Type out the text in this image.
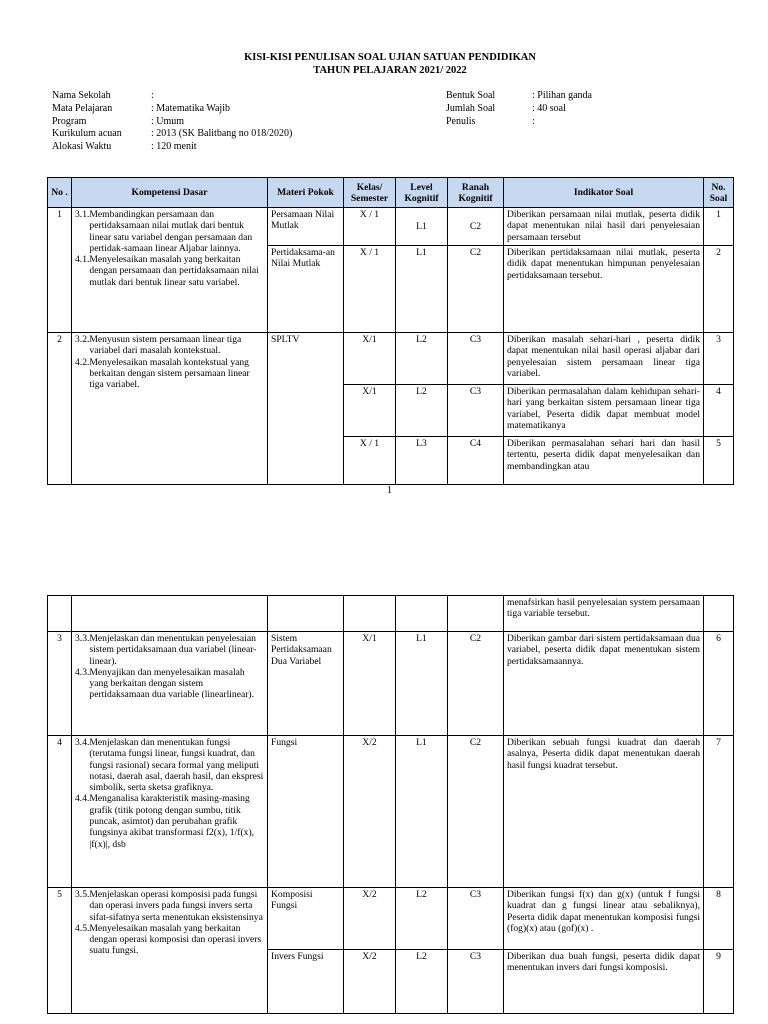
KISI-KISI PENULISAN SOAL UJIAN SATUAN PENDIDIKAN
TAHUN PELAJARAN 2021/ 2022
Nama Sekolah	:
Mata Pelajaran	: Matematika Wajib
Program	: Umum
Kurikulum acuan	: 2013 (SK Balitbang no 018/2020)
Alokasi Waktu	: 120 menit
Bentuk Soal	: Pilihan ganda
Jumlah Soal	: 40 soal
Penulis	:
No .	Kompetensi Dasar	Materi Pokok	Kelas/ Semester	Level Kognitif	Ranah Kognitif	Indikator Soal	No. Soal
1	3.1. Membandingkan persamaan dan pertidaksamaan nilai mutlak dari bentuk linear satu variabel dengan persamaan dan pertidak-samaan linear Aljabar lainnya.
4.1. Menyelesaikan masalah yang berkaitan dengan persamaan dan pertidaksamaan nilai mutlak dari bentuk linear satu variabel.	Persamaan Nilai Mutlak	X / 1	L1	C2	Diberikan persamaan nilai mutlak, peserta didik dapat menentukan nilai hasil dari penyelesaian persamaan tersebut	1
		Pertidaksama-an Nilai Mutlak	X / 1	L1	C2	Diberikan pertidaksamaan nilai mutlak, peserta didik dapat menentukan himpunan penyelesaian pertidaksamaan tersebut.	2
2	3.2. Menyusun sistem persamaan linear tiga variabel dari masalah kontekstual.
4.2. Menyelesaikan masalah kontekstual yang berkaitan dengan sistem persamaan linear tiga variabel.	SPLTV	X/1	L2	C3	Diberikan masalah sehari-hari , peserta didik dapat menentukan nilai hasil operasi aljabar dari penyelesaian sistem persamaan linear tiga variabel.	3
			X/1	L2	C3	Diberikan permasalahan dalam kehidupan sehari-hari yang berkaitan sistem persamaan linear tiga variabel, Peserta didik dapat membuat model matematikanya	4
			X / 1	L3	C4	Diberikan permasalahan sehari hari dan hasil tertentu, peserta didik dapat menyelesaikan dan membandingkan atau	5
1
						menafsirkan hasil penyelesaian system persamaan tiga variable tersebut.	
3	3.3. Menjelaskan dan menentukan penyelesaian sistem pertidaksamaan dua variabel (linear-linear).
4.3. Menyajikan dan menyelesaikan masalah yang berkaitan dengan sistem pertidaksamaan dua variable (linearlinear).	Sistem Pertidaksamaan Dua Variabel	X/1	L1	C2	Diberikan gambar dari sistem pertidaksamaan dua variabel, peserta didik dapat menentukan sistem pertidaksamaannya.	6
4	3.4. Menjelaskan dan menentukan fungsi (terutama fungsi linear, fungsi kuadrat, dan fungsi rasional) secara formal yang meliputi notasi, daerah asal, daerah hasil, dan ekspresi simbolik, serta sketsa grafiknya.
4.4. Menganalisa karakteristik masing-masing grafik (titik potong dengan sumbu, titik puncak, asimtot) dan perubahan grafik fungsinya akibat transformasi f2(x), 1/f(x), |f(x)|, dsb	Fungsi	X/2	L1	C2	Diberikan sebuah fungsi kuadrat dan daerah asalnya, Peserta didik dapat menentukan daerah hasil fungsi kuadrat tersebut.	7
5	3.5. Menjelaskan operasi komposisi pada fungsi dan operasi invers pada fungsi invers serta sifat-sifatnya serta menentukan eksistensinya
4.5. Menyelesaikan masalah yang berkaitan dengan operasi komposisi dan operasi invers suatu fungsi.	Komposisi Fungsi	X/2	L2	C3	Diberikan fungsi f(x) dan g(x) (untuk f fungsi kuadrat dan g fungsi linear atau sebaliknya), Peserta didik dapat menentukan komposisi fungsi (fog)(x) atau (gof)(x) .	8
		Invers Fungsi	X/2	L2	C3	Diberikan dua buah fungsi, peserta didik dapat menentukan invers dari fungsi komposisi.	9
